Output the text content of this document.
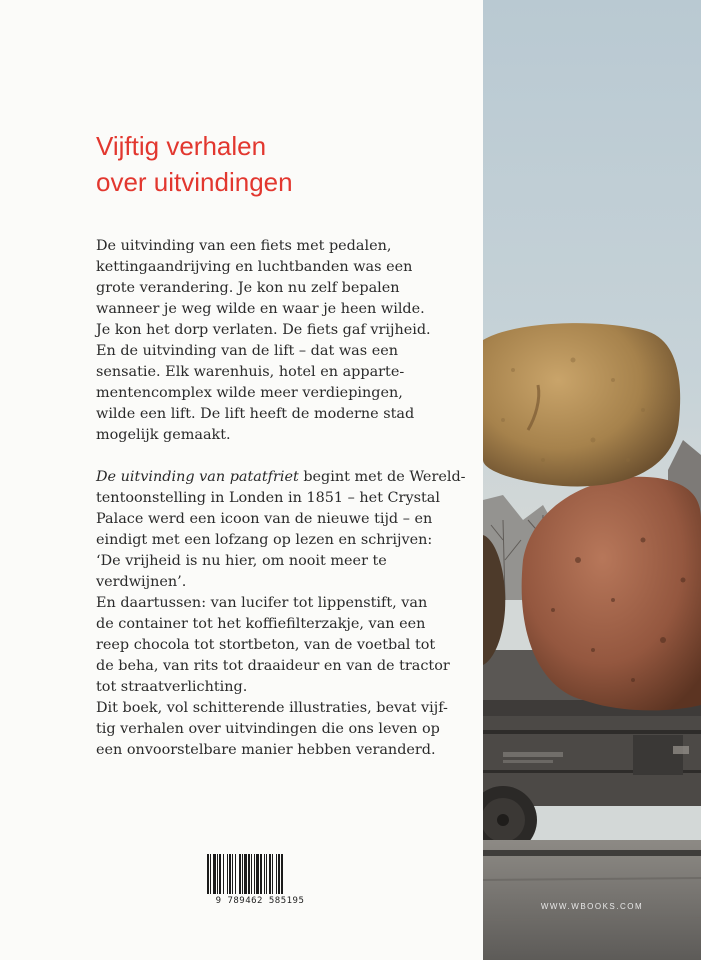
Vijftig verhalen
over uitvindingen
De uitvinding van een fiets met pedalen,
kettingaandrijving en luchtbanden was een
grote verandering. Je kon nu zelf bepalen
wanneer je weg wilde en waar je heen wilde.
Je kon het dorp verlaten. De fiets gaf vrijheid.
En de uitvinding van de lift – dat was een
sensatie. Elk warenhuis, hotel en apparte-
mentencomplex wilde meer verdiepingen,
wilde een lift. De lift heeft de moderne stad
mogelijk gemaakt.
De uitvinding van patatfriet begint met de Wereld-
tentoonstelling in Londen in 1851 – het Crystal
Palace werd een icoon van de nieuwe tijd – en
eindigt met een lofzang op lezen en schrijven:
‘De vrijheid is nu hier, om nooit meer te
verdwijnen’.
En daartussen: van lucifer tot lippenstift, van
de container tot het koffiefilterzakje, van een
reep chocola tot stortbeton, van de voetbal tot
de beha, van rits tot draaideur en van de tractor
tot straatverlichting.
Dit boek, vol schitterende illustraties, bevat vijf-
tig verhalen over uitvindingen die ons leven op
een onvoorstelbare manier hebben veranderd.
9 789462 585195
WWW.WBOOKS.COM
